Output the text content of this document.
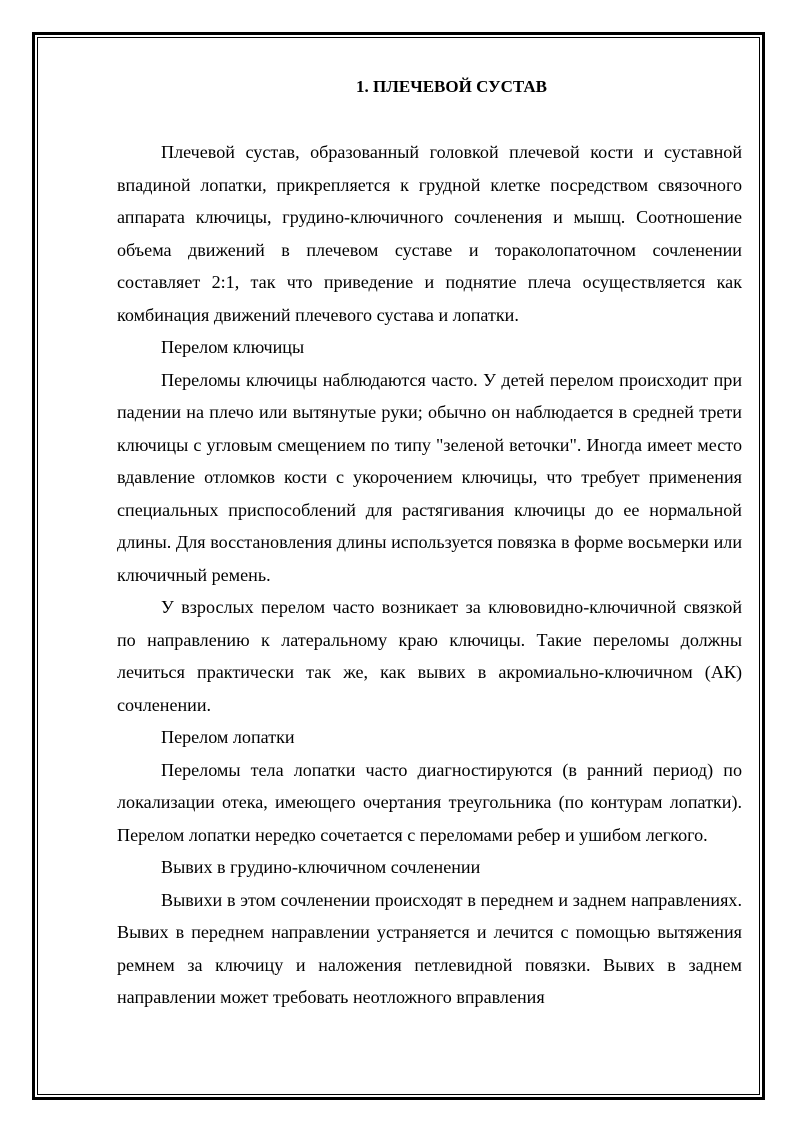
1. ПЛЕЧЕВОЙ СУСТАВ

Плечевой сустав, образованный головкой плечевой кости и суставной впадиной лопатки, прикрепляется к грудной клетке посредством связочного аппарата ключицы, грудино-ключичного сочленения и мышц. Соотношение объема движений в плечевом суставе и тораколопаточном сочленении составляет 2:1, так что приведение и поднятие плеча осуществляется как комбинация движений плечевого сустава и лопатки.

Перелом ключицы

Переломы ключицы наблюдаются часто. У детей перелом происходит при падении на плечо или вытянутые руки; обычно он наблюдается в средней трети ключицы с угловым смещением по типу "зеленой веточки". Иногда имеет место вдавление отломков кости с укорочением ключицы, что требует применения специальных приспособлений для растягивания ключицы до ее нормальной длины. Для восстановления длины используется повязка в форме восьмерки или ключичный ремень.

У взрослых перелом часто возникает за клювовидно-ключичной связкой по направлению к латеральному краю ключицы. Такие переломы должны лечиться практически так же, как вывих в акромиально-ключичном (АК) сочленении.

Перелом лопатки

Переломы тела лопатки часто диагностируются (в ранний период) по локализации отека, имеющего очертания треугольника (по контурам лопатки). Перелом лопатки нередко сочетается с переломами ребер и ушибом легкого.

Вывих в грудино-ключичном сочленении

Вывихи в этом сочленении происходят в переднем и заднем направлениях. Вывих в переднем направлении устраняется и лечится с помощью вытяжения ремнем за ключицу и наложения петлевидной повязки. Вывих в заднем направлении может требовать неотложного вправления
